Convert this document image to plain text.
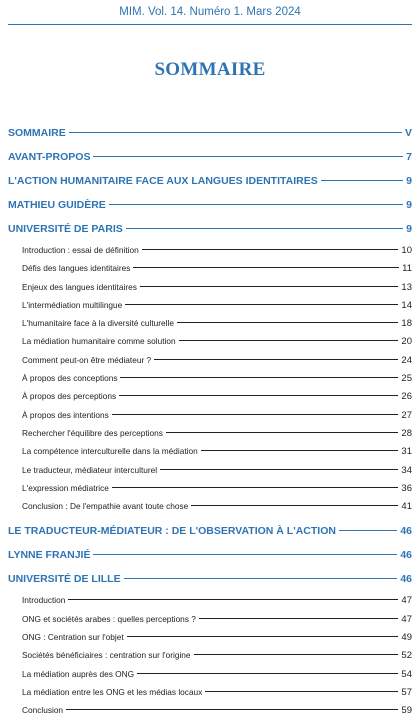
MIM. Vol. 14. Numéro 1. Mars 2024
SOMMAIRE
SOMMAIRE	V
AVANT-PROPOS	7
L'ACTION HUMANITAIRE FACE AUX LANGUES IDENTITAIRES	9
MATHIEU GUIDÈRE	9
UNIVERSITÉ DE PARIS	9
Introduction : essai de définition	10
Défis des langues identitaires	11
Enjeux des langues identitaires	13
L'intermédiation multilingue	14
L'humanitaire face à la diversité culturelle	18
La médiation humanitaire comme solution	20
Comment peut-on être médiateur ?	24
À propos des conceptions	25
À propos des perceptions	26
À propos des intentions	27
Rechercher l'équilibre des perceptions	28
La compétence interculturelle dans la médiation	31
Le traducteur, médiateur interculturel	34
L'expression médiatrice	36
Conclusion : De l'empathie avant toute chose	41
LE TRADUCTEUR-MÉDIATEUR : DE L'OBSERVATION À L'ACTION	46
LYNNE FRANJIÉ	46
UNIVERSITÉ DE LILLE	46
Introduction	47
ONG et sociétés arabes : quelles perceptions ?	47
ONG : Centration sur l'objet	49
Sociétés bénéficiaires : centration sur l'origine	52
La médiation auprès des ONG	54
La médiation entre les ONG et les médias locaux	57
Conclusion	59
